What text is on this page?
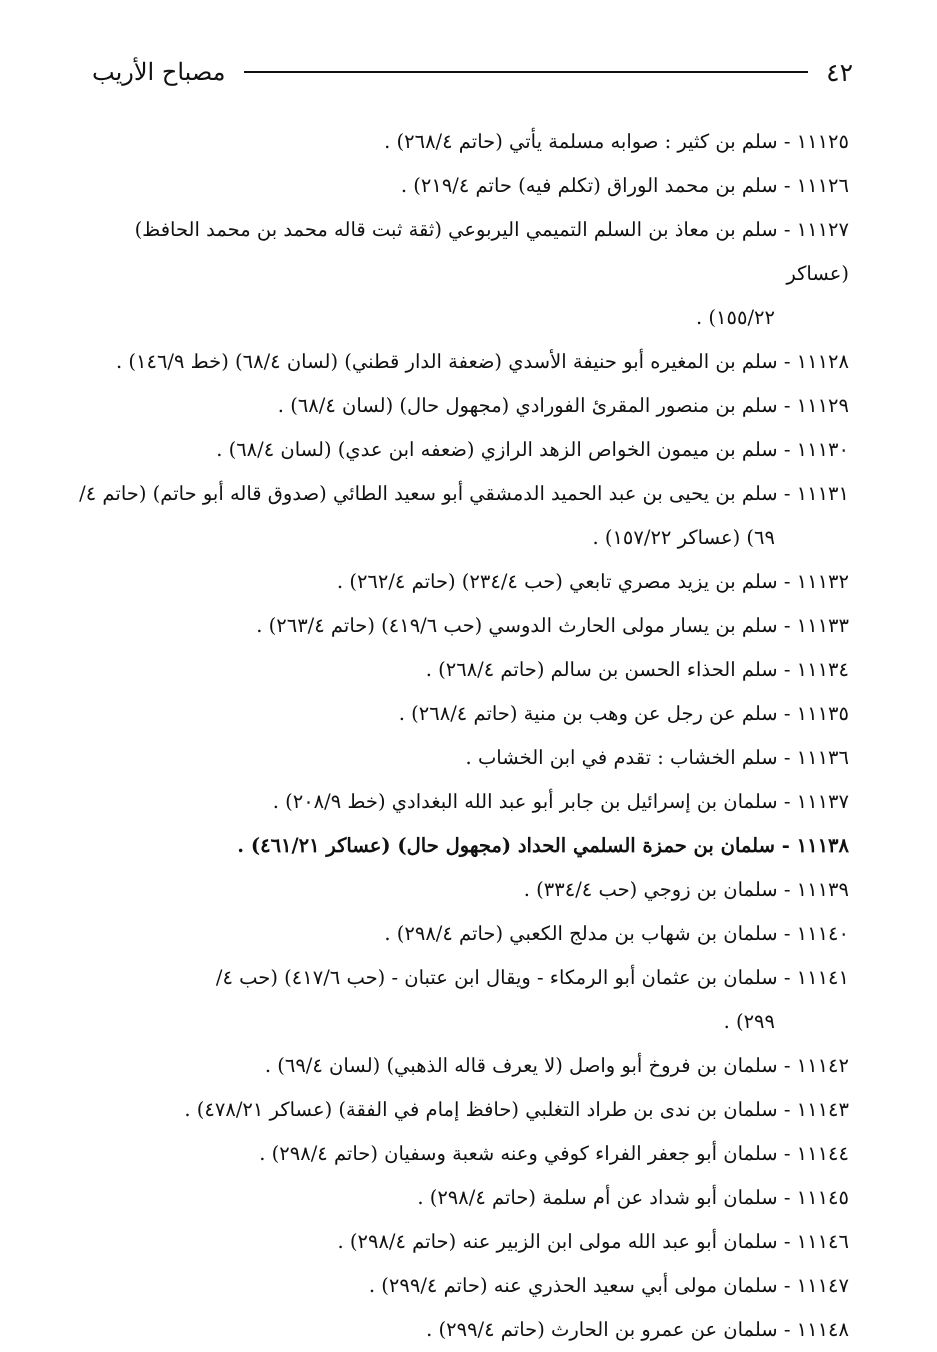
٤٢
مصباح الأريب
١١١٢٥ - سلم بن كثير : صوابه مسلمة يأتي (حاتم ٢٦٨/٤) .
١١١٢٦ - سلم بن محمد الوراق (تكلم فيه) حاتم ٢١٩/٤) .
١١١٢٧ - سلم بن معاذ بن السلم التميمي اليربوعي (ثقة ثبت قاله محمد بن محمد الحافظ) (عساكر
١٥٥/٢٢) .
١١١٢٨ - سلم بن المغيره أبو حنيفة الأسدي (ضعفة الدار قطني) (لسان ٦٨/٤) (خط ١٤٦/٩) .
١١١٢٩ - سلم بن منصور المقرئ الفورادي (مجهول حال) (لسان ٦٨/٤) .
١١١٣٠ - سلم بن ميمون الخواص الزهد الرازي (ضعفه ابن عدي) (لسان ٦٨/٤) .
١١١٣١ - سلم بن يحيى بن عبد الحميد الدمشقي أبو سعيد الطائي (صدوق قاله أبو حاتم) (حاتم ٤/
٦٩) (عساكر ١٥٧/٢٢) .
١١١٣٢ - سلم بن يزيد مصري تابعي (حب ٢٣٤/٤) (حاتم ٢٦٢/٤) .
١١١٣٣ - سلم بن يسار مولى الحارث الدوسي (حب ٤١٩/٦) (حاتم ٢٦٣/٤) .
١١١٣٤ - سلم الحذاء الحسن بن سالم (حاتم ٢٦٨/٤) .
١١١٣٥ - سلم عن رجل عن وهب بن منية (حاتم ٢٦٨/٤) .
١١١٣٦ - سلم الخشاب : تقدم في ابن الخشاب .
١١١٣٧ - سلمان بن إسرائيل بن جابر أبو عبد الله البغدادي (خط ٢٠٨/٩) .
١١١٣٨ - سلمان بن حمزة السلمي الحداد (مجهول حال) (عساكر ٤٦١/٢١) .
١١١٣٩ - سلمان بن زوجي (حب ٣٣٤/٤) .
١١١٤٠ - سلمان بن شهاب بن مدلج الكعبي (حاتم ٢٩٨/٤) .
١١١٤١ - سلمان بن عثمان أبو الرمكاء - ويقال ابن عتبان - (حب ٤١٧/٦) (حب ٤/
٢٩٩) .
١١١٤٢ - سلمان بن فروخ أبو واصل (لا يعرف قاله الذهبي) (لسان ٦٩/٤) .
١١١٤٣ - سلمان بن ندى بن طراد التغلبي (حافظ إمام في الفقة) (عساكر ٤٧٨/٢١) .
١١١٤٤ - سلمان أبو جعفر الفراء كوفي وعنه شعبة وسفيان (حاتم ٢٩٨/٤) .
١١١٤٥ - سلمان أبو شداد عن أم سلمة (حاتم ٢٩٨/٤) .
١١١٤٦ - سلمان أبو عبد الله مولى ابن الزبير عنه (حاتم ٢٩٨/٤) .
١١١٤٧ - سلمان مولى أبي سعيد الحذري عنه (حاتم ٢٩٩/٤) .
١١١٤٨ - سلمان عن عمرو بن الحارث (حاتم ٢٩٩/٤) .
